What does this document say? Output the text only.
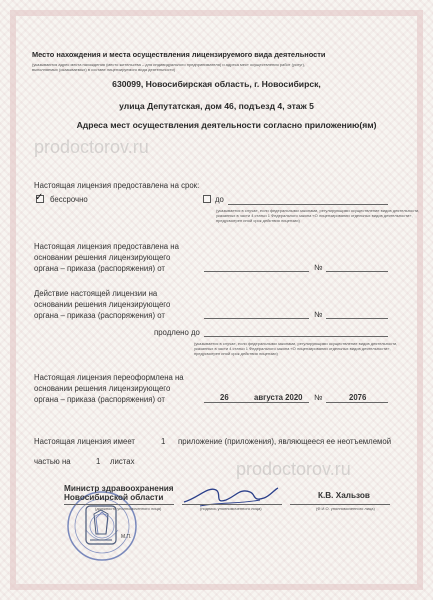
Место нахождения и места осуществления лицензируемого вида деятельности
(указываются адрес места нахождения (место жительства – для индивидуального предпринимателя) и адреса мест осуществления работ (услуг),
выполняемых (оказываемых) в составе лицензируемого вида деятельности)
630099, Новосибирская область, г. Новосибирск,
улица Депутатская, дом 46, подъезд 4, этаж 5
Адреса мест осуществления деятельности согласно приложению(ям)
prodoctorov.ru
prodoctorov.ru
Настоящая лицензия предоставлена на срок:
✓ бессрочно	до
(указывается в случае, если федеральными законами, регулирующими осуществление видов деятельности,
указанных в части 4 статьи 1 Федерального закона «О лицензировании отдельных видов деятельности»,
предусмотрен иной срок действия лицензии)
Настоящая лицензия предоставлена на
основании решения лицензирующего
органа – приказа (распоряжения) от	№
Действие настоящей лицензии на
основании решения лицензирующего
органа – приказа (распоряжения) от	№
продлено до
(указывается в случае, если федеральными законами, регулирующими осуществление видов деятельности,
указанных в части 4 статьи 1 Федерального закона «О лицензировании отдельных видов деятельности»,
предусмотрен иной срок действия лицензии)
Настоящая лицензия переоформлена на
основании решения лицензирующего
органа – приказа (распоряжения) от	26	августа 2020 №	2076
Настоящая лицензия имеет	1 приложение (приложения), являющееся ее неотъемлемой
частью на	1 листах
Министр здравоохранения
Новосибирской области
(должность уполномоченного лица)	(подпись уполномоченного лица)
К.В. Хальзов
(Ф.И.О. уполномоченного лица)
М.П.
